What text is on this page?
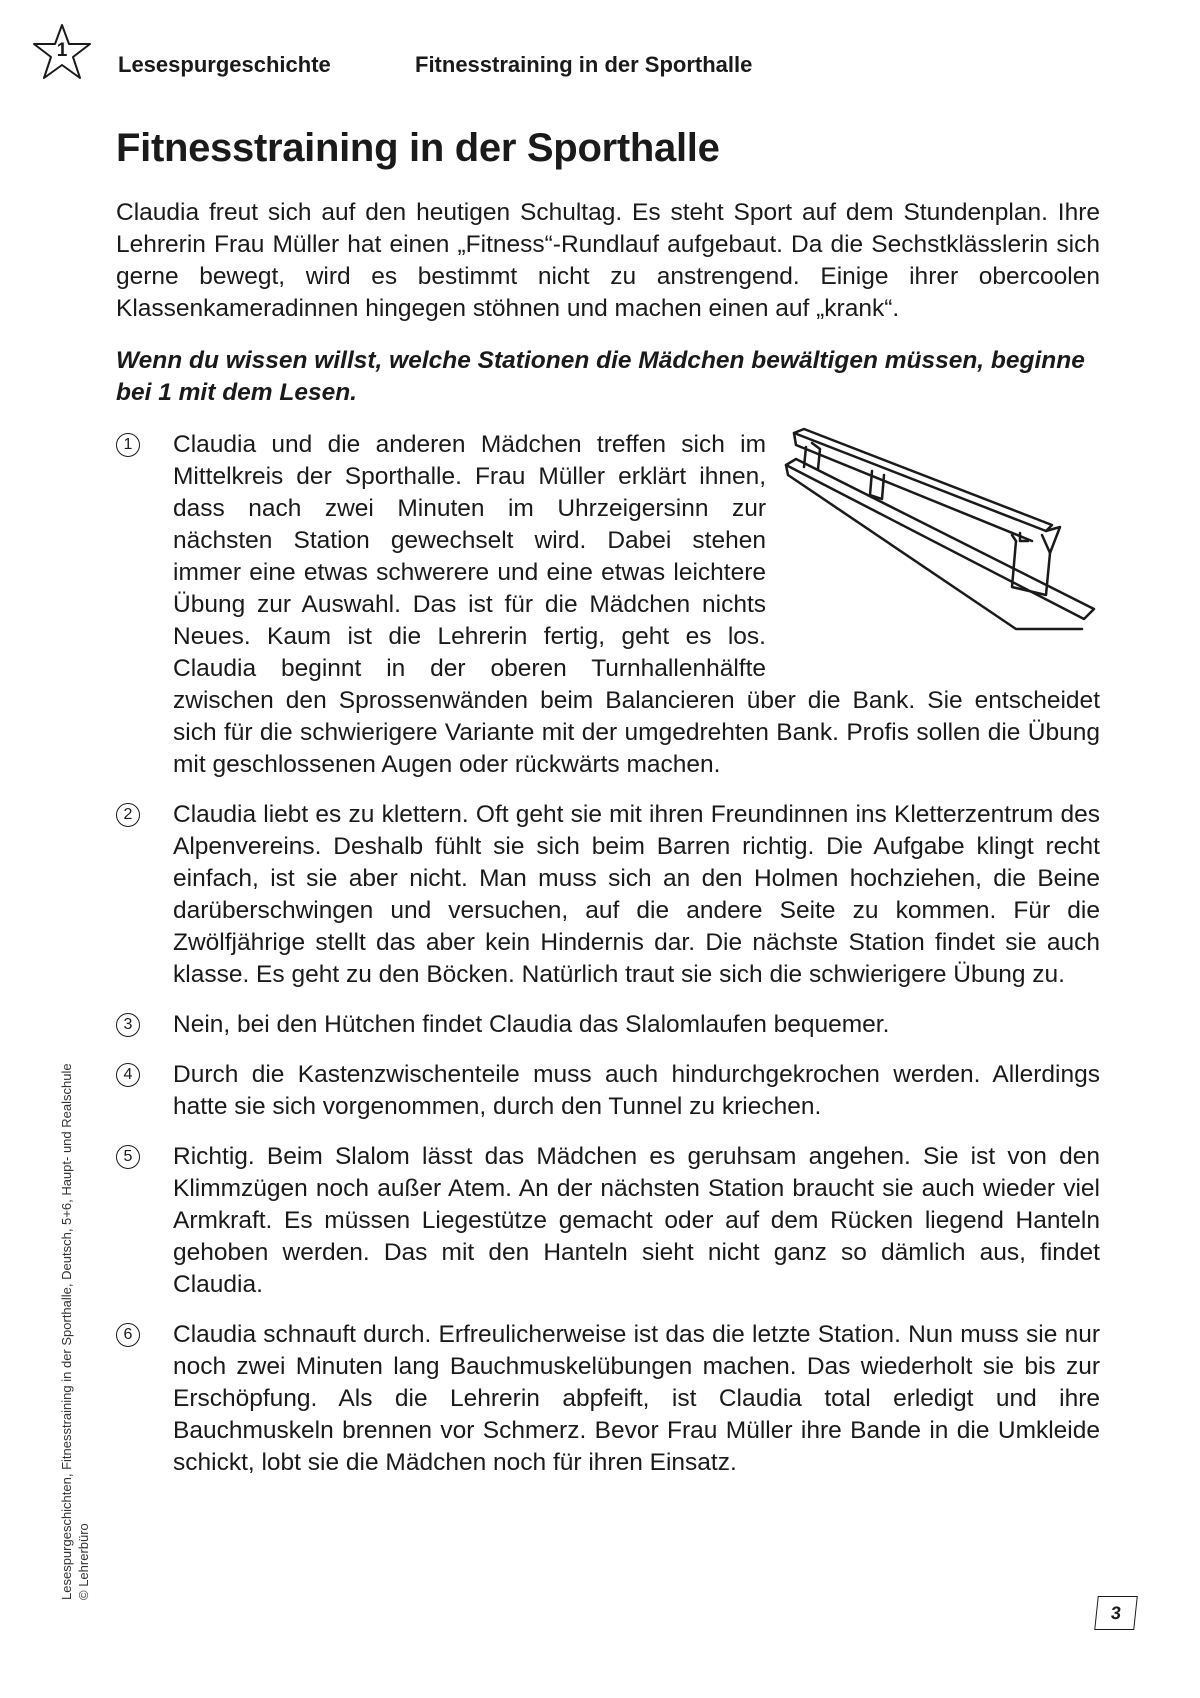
1
Lesespurgeschichte	Fitnesstraining in der Sporthalle
Fitnesstraining in der Sporthalle

Claudia freut sich auf den heutigen Schultag. Es steht Sport auf dem Stundenplan. Ihre Lehrerin Frau Müller hat einen „Fitness“-Rundlauf aufgebaut. Da die Sechstklässlerin sich gerne bewegt, wird es bestimmt nicht zu anstrengend. Einige ihrer obercoolen Klassenkameradinnen hingegen stöhnen und machen einen auf „krank“.

Wenn du wissen willst, welche Stationen die Mädchen bewältigen müssen, beginne bei 1 mit dem Lesen.

1	Claudia und die anderen Mädchen treffen sich im Mittelkreis der Sporthalle. Frau Müller erklärt ihnen, dass nach zwei Minuten im Uhrzeigersinn zur nächsten Station gewechselt wird. Dabei stehen immer eine etwas schwerere und eine etwas leichtere Übung zur Auswahl. Das ist für die Mädchen nichts Neues. Kaum ist die Lehrerin fertig, geht es los. Claudia beginnt in der oberen Turnhallenhälfte zwischen den Sprossenwänden beim Balancieren über die Bank. Sie entscheidet sich für die schwierigere Variante mit der umgedrehten Bank. Profis sollen die Übung mit geschlossenen Augen oder rückwärts machen.
2	Claudia liebt es zu klettern. Oft geht sie mit ihren Freundinnen ins Kletterzentrum des Alpenvereins. Deshalb fühlt sie sich beim Barren richtig. Die Aufgabe klingt recht einfach, ist sie aber nicht. Man muss sich an den Holmen hochziehen, die Beine darüberschwingen und versuchen, auf die andere Seite zu kommen. Für die Zwölfjährige stellt das aber kein Hindernis dar. Die nächste Station findet sie auch klasse. Es geht zu den Böcken. Natürlich traut sie sich die schwierigere Übung zu.
3	Nein, bei den Hütchen findet Claudia das Slalomlaufen bequemer.
4	Durch die Kastenzwischenteile muss auch hindurchgekrochen werden. Allerdings hatte sie sich vorgenommen, durch den Tunnel zu kriechen.
5	Richtig. Beim Slalom lässt das Mädchen es geruhsam angehen. Sie ist von den Klimmzügen noch außer Atem. An der nächsten Station braucht sie auch wieder viel Armkraft. Es müssen Liegestütze gemacht oder auf dem Rücken liegend Hanteln gehoben werden. Das mit den Hanteln sieht nicht ganz so dämlich aus, findet Claudia.
6	Claudia schnauft durch. Erfreulicherweise ist das die letzte Station. Nun muss sie nur noch zwei Minuten lang Bauchmuskelübungen machen. Das wiederholt sie bis zur Erschöpfung. Als die Lehrerin abpfeift, ist Claudia total erledigt und ihre Bauchmuskeln brennen vor Schmerz. Bevor Frau Müller ihre Bande in die Umkleide schickt, lobt sie die Mädchen noch für ihren Einsatz.
Lesespurgeschichten, Fitnesstraining in der Sporthalle, Deutsch, 5+6, Haupt- und Realschule © Lehrerbüro
3
